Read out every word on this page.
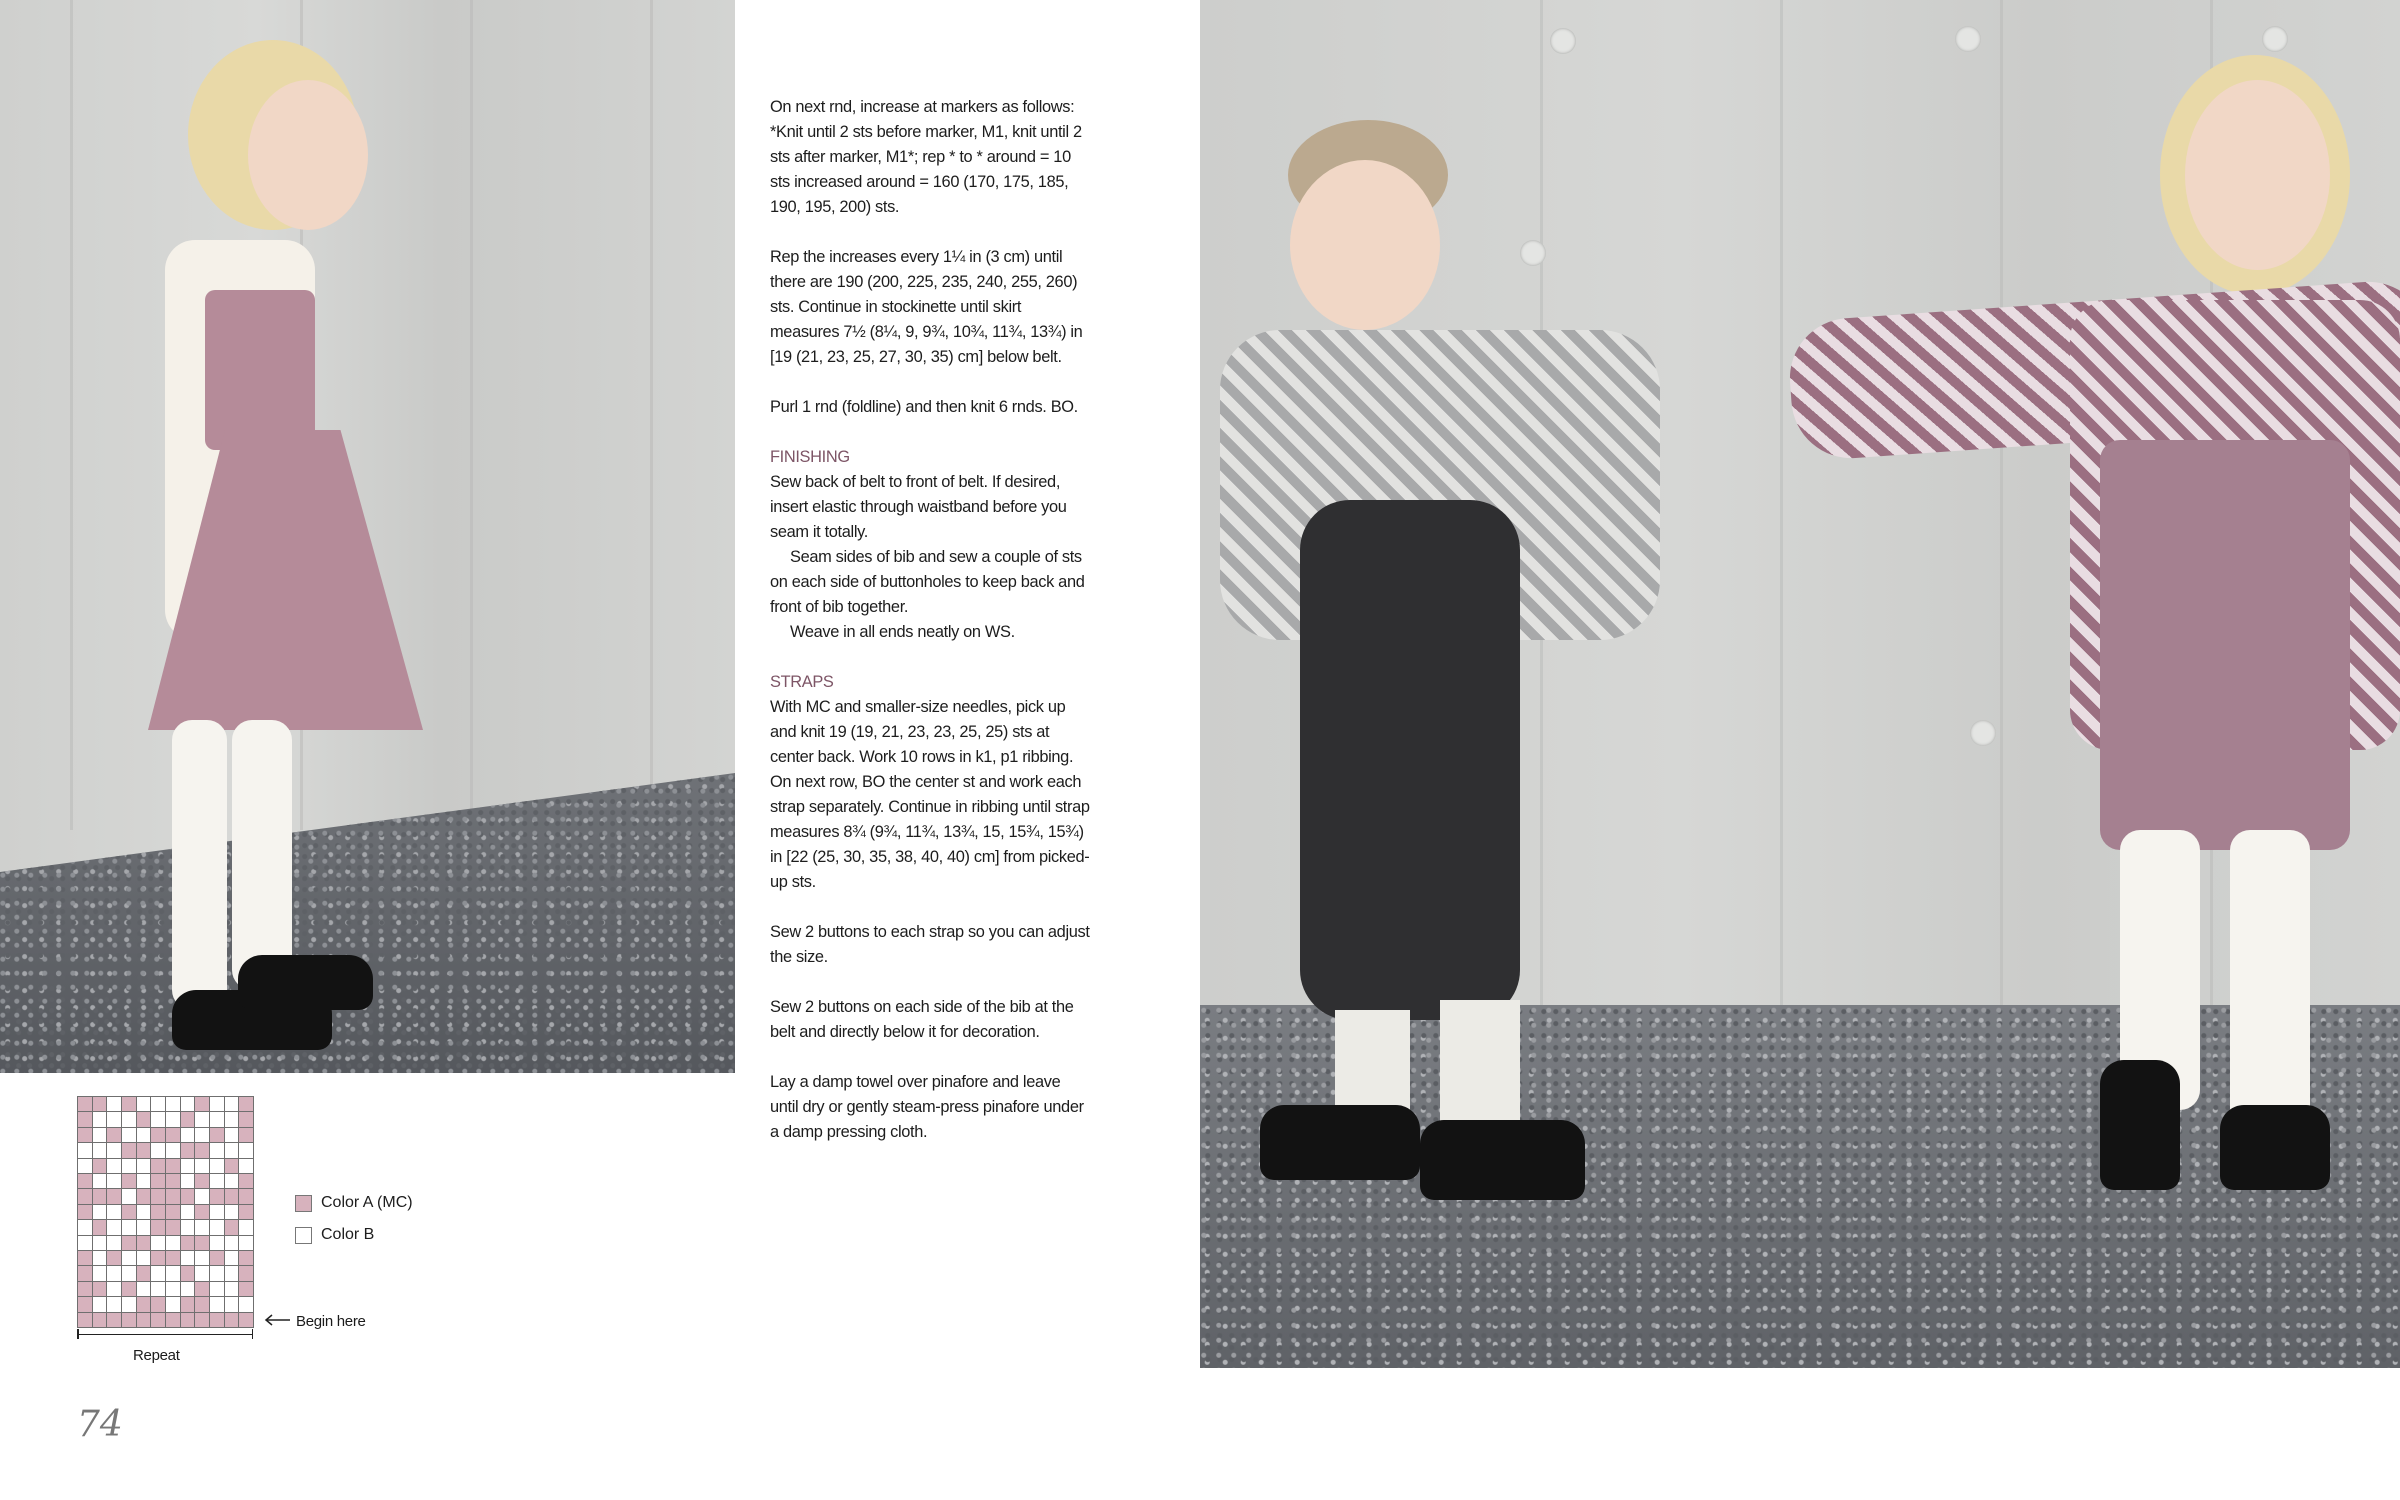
On next rnd, increase at markers as follows: *Knit until 2 sts before marker, M1, knit until 2 sts after marker, M1*; rep * to * around = 10 sts increased around = 160 (170, 175, 185, 190, 195, 200) sts.

Rep the increases every 1¼ in (3 cm) until there are 190 (200, 225, 235, 240, 255, 260) sts. Continue in stockinette until skirt measures 7½ (8¼, 9, 9¾, 10¾, 11¾, 13¾) in [19 (21, 23, 25, 27, 30, 35) cm] below belt.

Purl 1 rnd (foldline) and then knit 6 rnds. BO.

FINISHING

Sew back of belt to front of belt. If desired, insert elastic through waistband before you seam it totally.

Seam sides of bib and sew a couple of sts on each side of buttonholes to keep back and front of bib together.

Weave in all ends neatly on WS.

STRAPS

With MC and smaller-size needles, pick up and knit 19 (19, 21, 23, 23, 25, 25) sts at center back. Work 10 rows in k1, p1 ribbing. On next row, BO the center st and work each strap separately. Continue in ribbing until strap measures 8¾ (9¾, 11¾, 13¾, 15, 15¾, 15¾) in [22 (25, 30, 35, 38, 40, 40) cm] from picked-up sts.

Sew 2 buttons to each strap so you can adjust the size.

Sew 2 buttons on each side of the bib at the belt and directly below it for decoration.

Lay a damp towel over pinafore and leave until dry or gently steam-press pinafore under a damp pressing cloth.

Color A (MC)
Color B
Begin here
Repeat
74
